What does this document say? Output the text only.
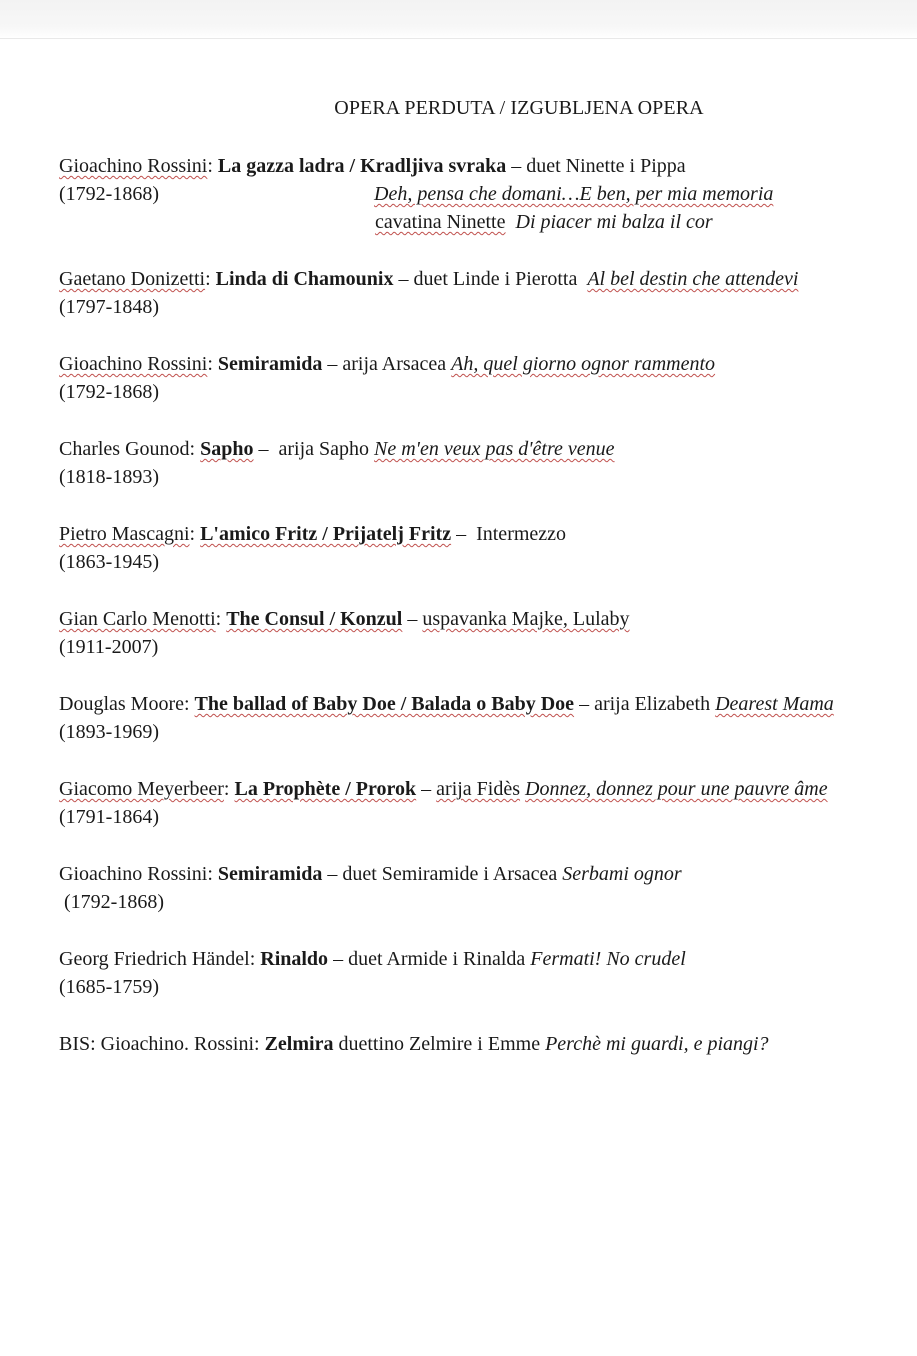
OPERA PERDUTA / IZGUBLJENA OPERA
Gioachino Rossini: La gazza ladra / Kradljiva svraka – duet Ninette i Pippa
(1792-1868)	Deh, pensa che domani…E ben, per mia memoria
cavatina Ninette Di piacer mi balza il cor
Gaetano Donizetti: Linda di Chamounix – duet Linde i Pierotta Al bel destin che attendevi
(1797-1848)
Gioachino Rossini: Semiramida – arija Arsacea Ah, quel giorno ognor rammento
(1792-1868)
Charles Gounod: Sapho –  arija Sapho Ne m'en veux pas d'être venue
(1818-1893)
Pietro Mascagni: L'amico Fritz / Prijatelj Fritz –  Intermezzo
(1863-1945)
Gian Carlo Menotti: The Consul / Konzul – uspavanka Majke, Lulaby
(1911-2007)
Douglas Moore: The ballad of Baby Doe / Balada o Baby Doe – arija Elizabeth Dearest Mama
(1893-1969)
Giacomo Meyerbeer: La Prophète / Prorok – arija Fidès Donnez, donnez pour une pauvre âme
(1791-1864)
Gioachino Rossini: Semiramida – duet Semiramide i Arsacea Serbami ognor
(1792-1868)
Georg Friedrich Händel: Rinaldo – duet Armide i Rinalda Fermati! No crudel
(1685-1759)
BIS: Gioachino. Rossini: Zelmira duettino Zelmire i Emme Perchè mi guardi, e piangi?
